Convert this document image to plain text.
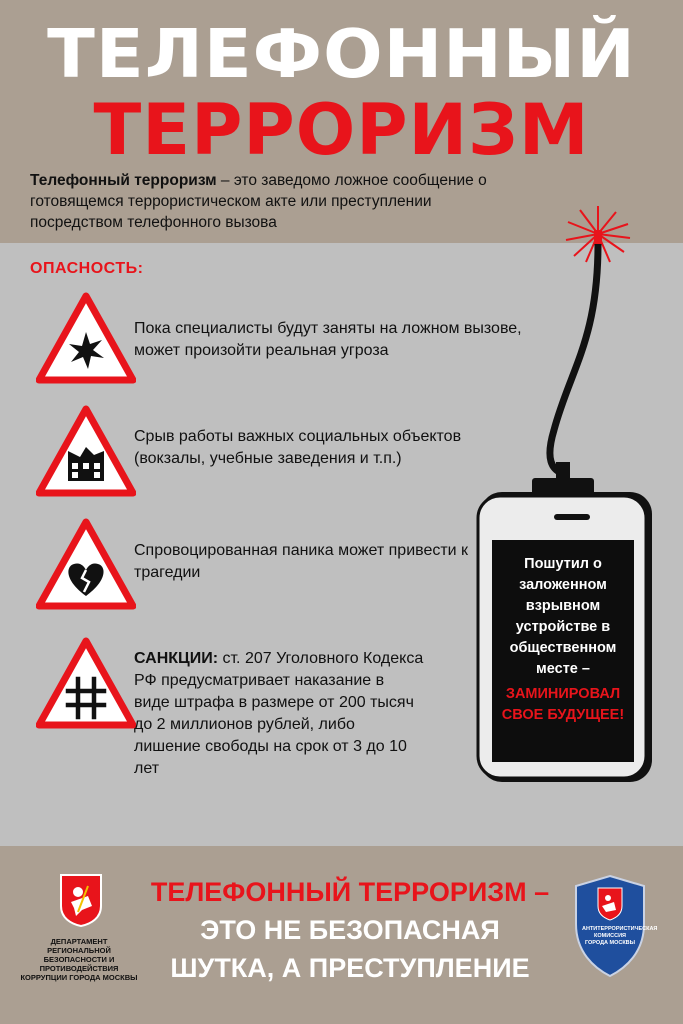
ТЕЛЕФОННЫЙ
ТЕРРОРИЗМ
Телефонный терроризм – это заведомо ложное сообщение о готовящемся террористическом акте или преступлении посредством телефонного вызова
ОПАСНОСТЬ:
Пока специалисты будут заняты на ложном вызове, может произойти реальная угроза
Срыв работы важных социальных объектов (вокзалы, учебные заведения и т.п.)
Спровоцированная паника может привести к трагедии
САНКЦИИ: ст. 207 Уголовного Кодекса РФ предусматривает наказание в виде штрафа в размере от 200 тысяч до 2 миллионов рублей, либо лишение свободы на срок от 3 до 10 лет
Пошутил о заложенном взрывном устройстве в общественном месте –
ЗАМИНИРОВАЛ СВОЕ БУДУЩЕЕ!
ДЕПАРТАМЕНТ РЕГИОНАЛЬНОЙ БЕЗОПАСНОСТИ И ПРОТИВОДЕЙСТВИЯ КОРРУПЦИИ ГОРОДА МОСКВЫ
ТЕЛЕФОННЫЙ ТЕРРОРИЗМ –
ЭТО НЕ БЕЗОПАСНАЯ
ШУТКА, А ПРЕСТУПЛЕНИЕ
АНТИТЕРРОРИСТИЧЕСКАЯ КОМИССИЯ ГОРОДА МОСКВЫ
